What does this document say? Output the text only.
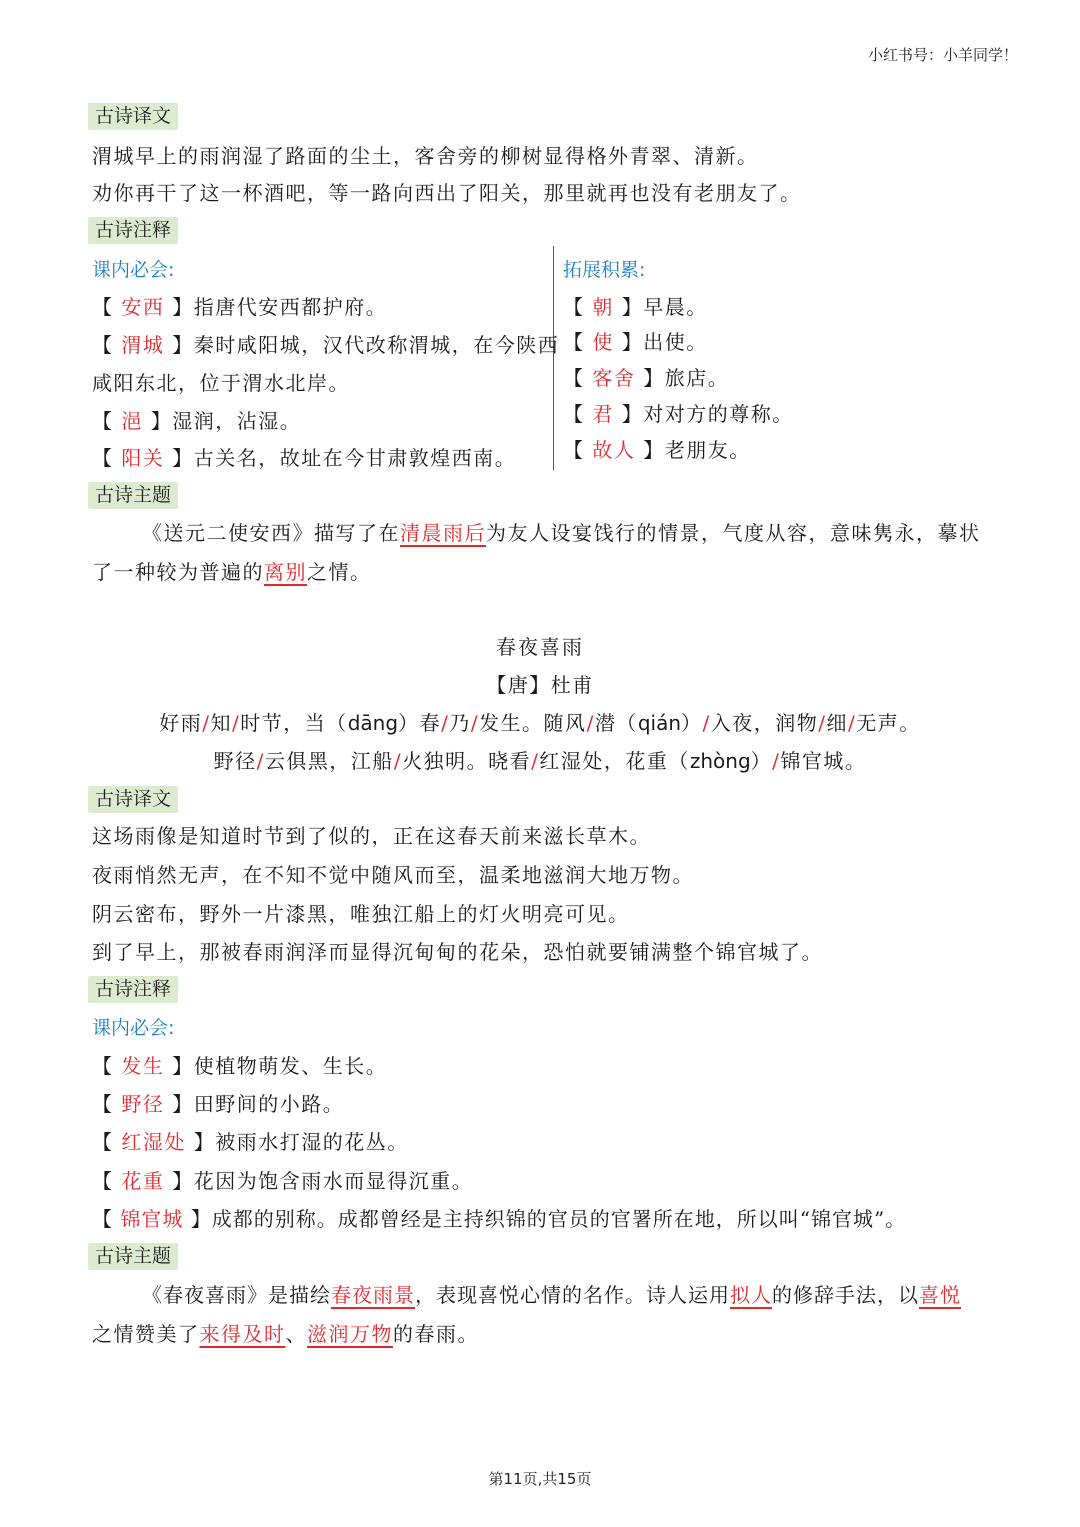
小红书号：小羊同学！
古诗译文
渭城早上的雨润湿了路面的尘土，客舍旁的柳树显得格外青翠、清新。
劝你再干了这一杯酒吧，等一路向西出了阳关，那里就再也没有老朋友了。
古诗注释
课内必会:	拓展积累:
【 安西 】指唐代安西都护府。
【 渭城 】秦时咸阳城，汉代改称渭城，在今陕西
咸阳东北，位于渭水北岸。
【 浥 】湿润，沾湿。
【 阳关 】古关名，故址在今甘肃敦煌西南。
【 朝 】早晨。
【 使 】出使。
【 客舍 】旅店。
【 君 】对对方的尊称。
【 故人 】老朋友。
古诗主题
《送元二使安西》描写了在清晨雨后为友人设宴饯行的情景，气度从容，意味隽永，摹状
了一种较为普遍的离别之情。
春夜喜雨
【唐】杜甫
好雨/知/时节，当（dāng）春/乃/发生。随风/潜（qián）/入夜，润物/细/无声。
野径/云俱黑，江船/火独明。晓看/红湿处，花重（zhòng）/锦官城。
古诗译文
这场雨像是知道时节到了似的，正在这春天前来滋长草木。
夜雨悄然无声，在不知不觉中随风而至，温柔地滋润大地万物。
阴云密布，野外一片漆黑，唯独江船上的灯火明亮可见。
到了早上，那被春雨润泽而显得沉甸甸的花朵，恐怕就要铺满整个锦官城了。
古诗注释
课内必会:
【 发生 】使植物萌发、生长。
【 野径 】田野间的小路。
【 红湿处 】被雨水打湿的花丛。
【 花重 】花因为饱含雨水而显得沉重。
【 锦官城 】成都的别称。成都曾经是主持织锦的官员的官署所在地，所以叫“锦官城”。
古诗主题
《春夜喜雨》是描绘春夜雨景，表现喜悦心情的名作。诗人运用拟人的修辞手法，以喜悦
之情赞美了来得及时、滋润万物的春雨。
第11页,共15页
